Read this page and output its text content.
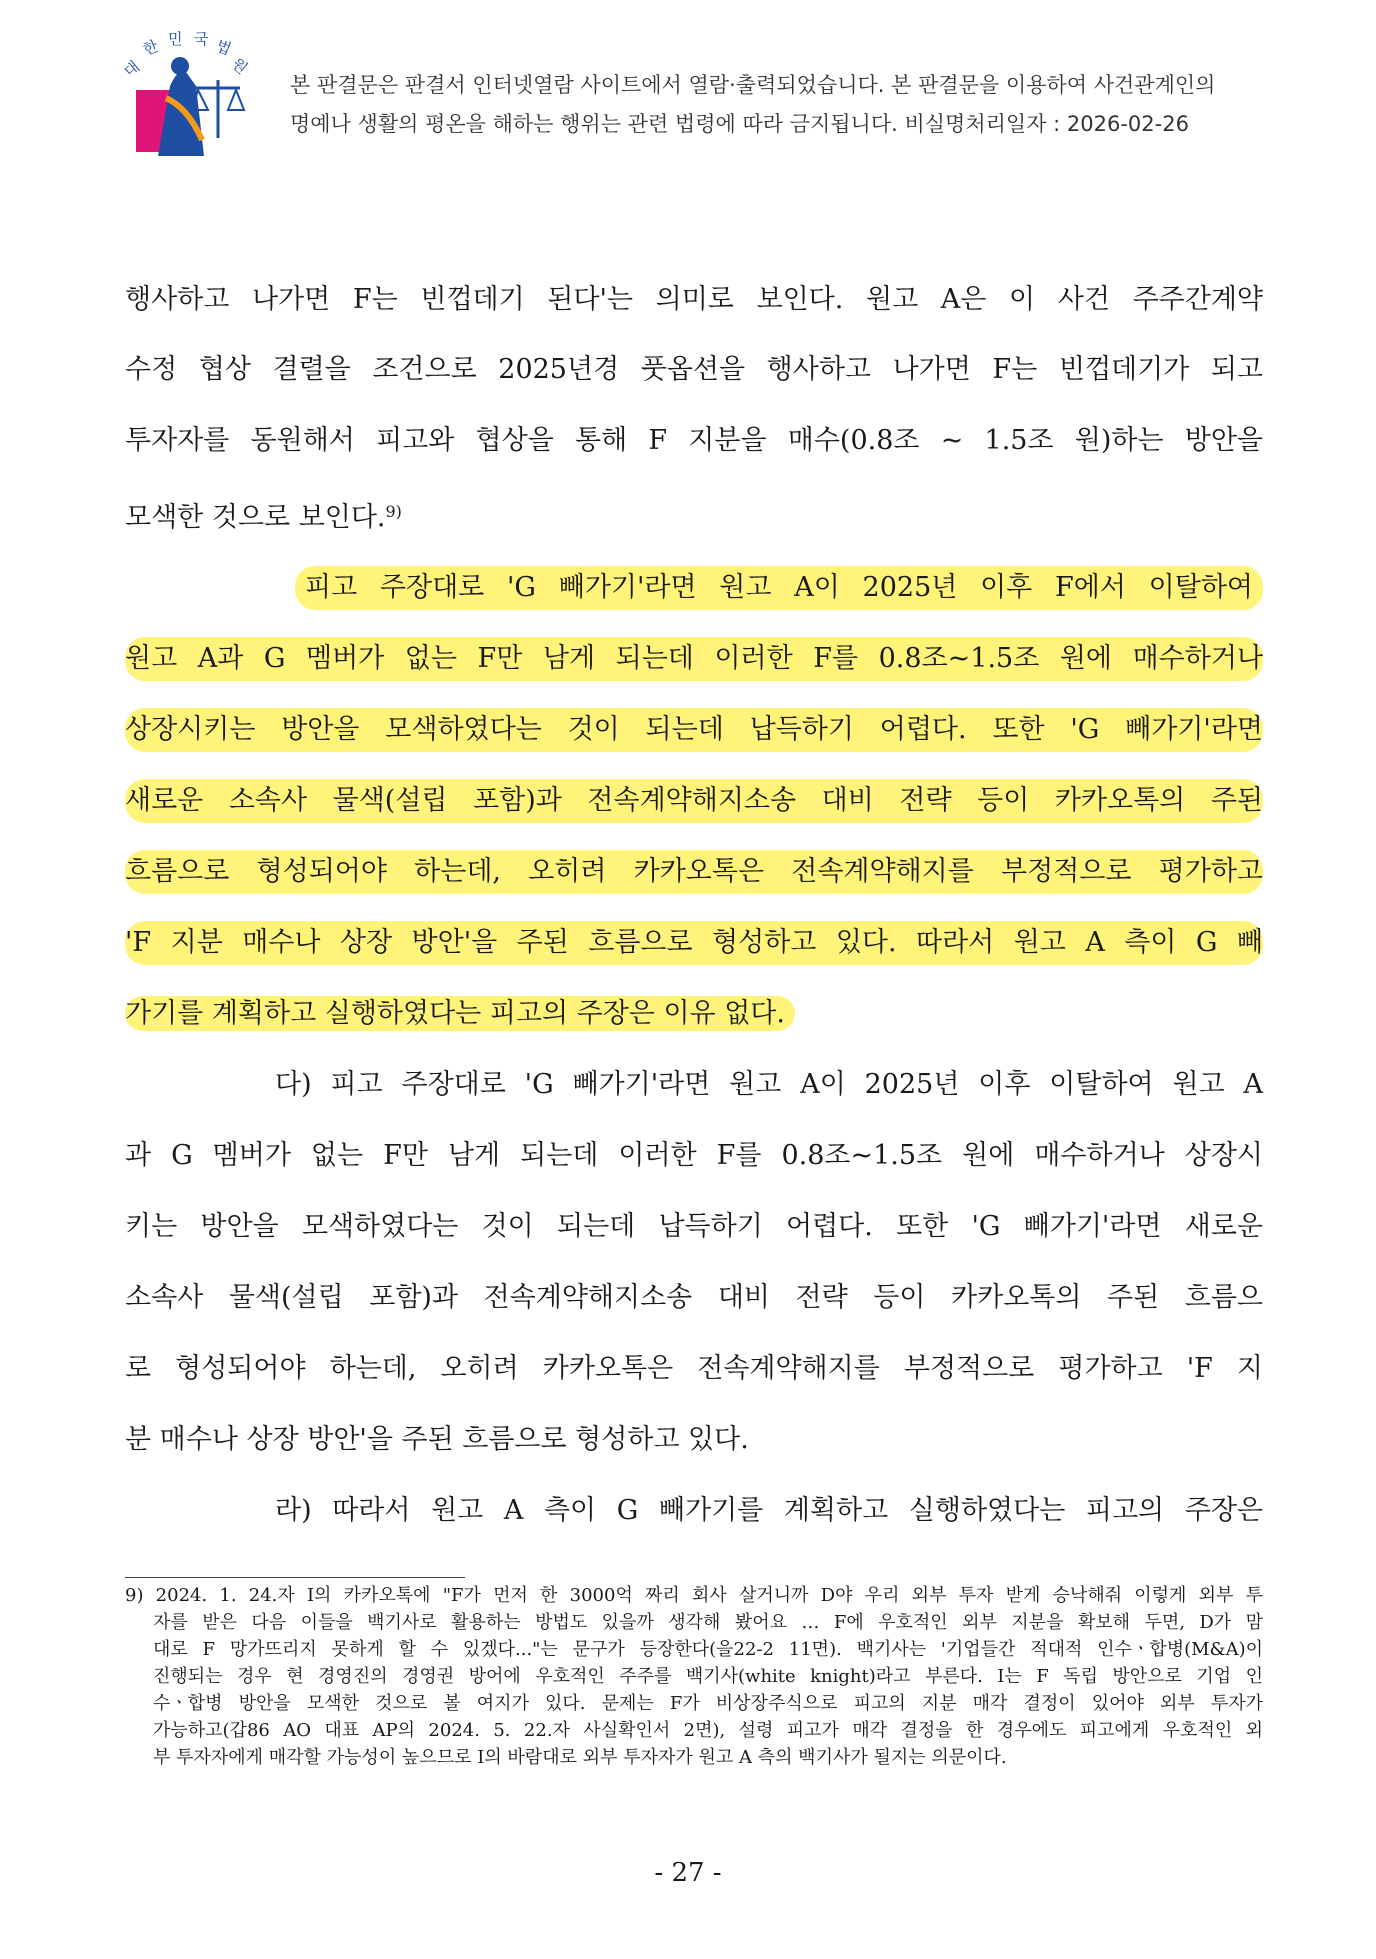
대
한 민 국 법
원
본 판결문은 판결서 인터넷열람 사이트에서 열람·출력되었습니다. 본 판결문을 이용하여 사건관계인의
명예나 생활의 평온을 해하는 행위는 관련 법령에 따라 금지됩니다. 비실명처리일자 : 2026-02-26
행사하고 나가면 F는 빈껍데기 된다'는 의미로 보인다. 원고 A은 이 사건 주주간계약
수정 협상 결렬을 조건으로 2025년경 풋옵션을 행사하고 나가면 F는 빈껍데기가 되고
투자자를 동원해서 피고와 협상을 통해 F 지분을 매수(0.8조 ~ 1.5조 원)하는 방안을
모색한 것으로 보인다.$^{9)}$
피고 주장대로 'G 빼가기'라면 원고 A이 2025년 이후 F에서 이탈하여
원고 A과 G 멤버가 없는 F만 남게 되는데 이러한 F를 0.8조~1.5조 원에 매수하거나
상장시키는 방안을 모색하였다는 것이 되는데 납득하기 어렵다. 또한 'G 빼가기'라면
새로운 소속사 물색(설립 포함)과 전속계약해지소송 대비 전략 등이 카카오톡의 주된
흐름으로 형성되어야 하는데, 오히려 카카오톡은 전속계약해지를 부정적으로 평가하고
'F 지분 매수나 상장 방안'을 주된 흐름으로 형성하고 있다. 따라서 원고 A 측이 G 빼
가기를 계획하고 실행하였다는 피고의 주장은 이유 없다.
다) 피고 주장대로 'G 빼가기'라면 원고 A이 2025년 이후 이탈하여 원고 A
과 G 멤버가 없는 F만 남게 되는데 이러한 F를 0.8조~1.5조 원에 매수하거나 상장시
키는 방안을 모색하였다는 것이 되는데 납득하기 어렵다. 또한 'G 빼가기'라면 새로운
소속사 물색(설립 포함)과 전속계약해지소송 대비 전략 등이 카카오톡의 주된 흐름으
로 형성되어야 하는데, 오히려 카카오톡은 전속계약해지를 부정적으로 평가하고 'F 지
분 매수나 상장 방안'을 주된 흐름으로 형성하고 있다.
라) 따라서 원고 A 측이 G 빼가기를 계획하고 실행하였다는 피고의 주장은
9) 2024. 1. 24.자 I의 카카오톡에 "F가 먼저 한 3000억 짜리 회사 살거니까 D야 우리 외부 투자 받게 승낙해줘 이렇게 외부 투
자를 받은 다음 이들을 백기사로 활용하는 방법도 있을까 생각해 봤어요 … F에 우호적인 외부 지분을 확보해 두면, D가 맘
대로 F 망가뜨리지 못하게 할 수 있겠다..."는 문구가 등장한다(을22-2 11면). 백기사는 '기업들간 적대적 인수ㆍ합병(M&A)이
진행되는 경우 현 경영진의 경영권 방어에 우호적인 주주를 백기사(white knight)라고 부른다. I는 F 독립 방안으로 기업 인
수ㆍ합병 방안을 모색한 것으로 볼 여지가 있다. 문제는 F가 비상장주식으로 피고의 지분 매각 결정이 있어야 외부 투자가
가능하고(갑86 AO 대표 AP의 2024. 5. 22.자 사실확인서 2면), 설령 피고가 매각 결정을 한 경우에도 피고에게 우호적인 외
부 투자자에게 매각할 가능성이 높으므로 I의 바람대로 외부 투자자가 원고 A 측의 백기사가 될지는 의문이다.
- 27 -
